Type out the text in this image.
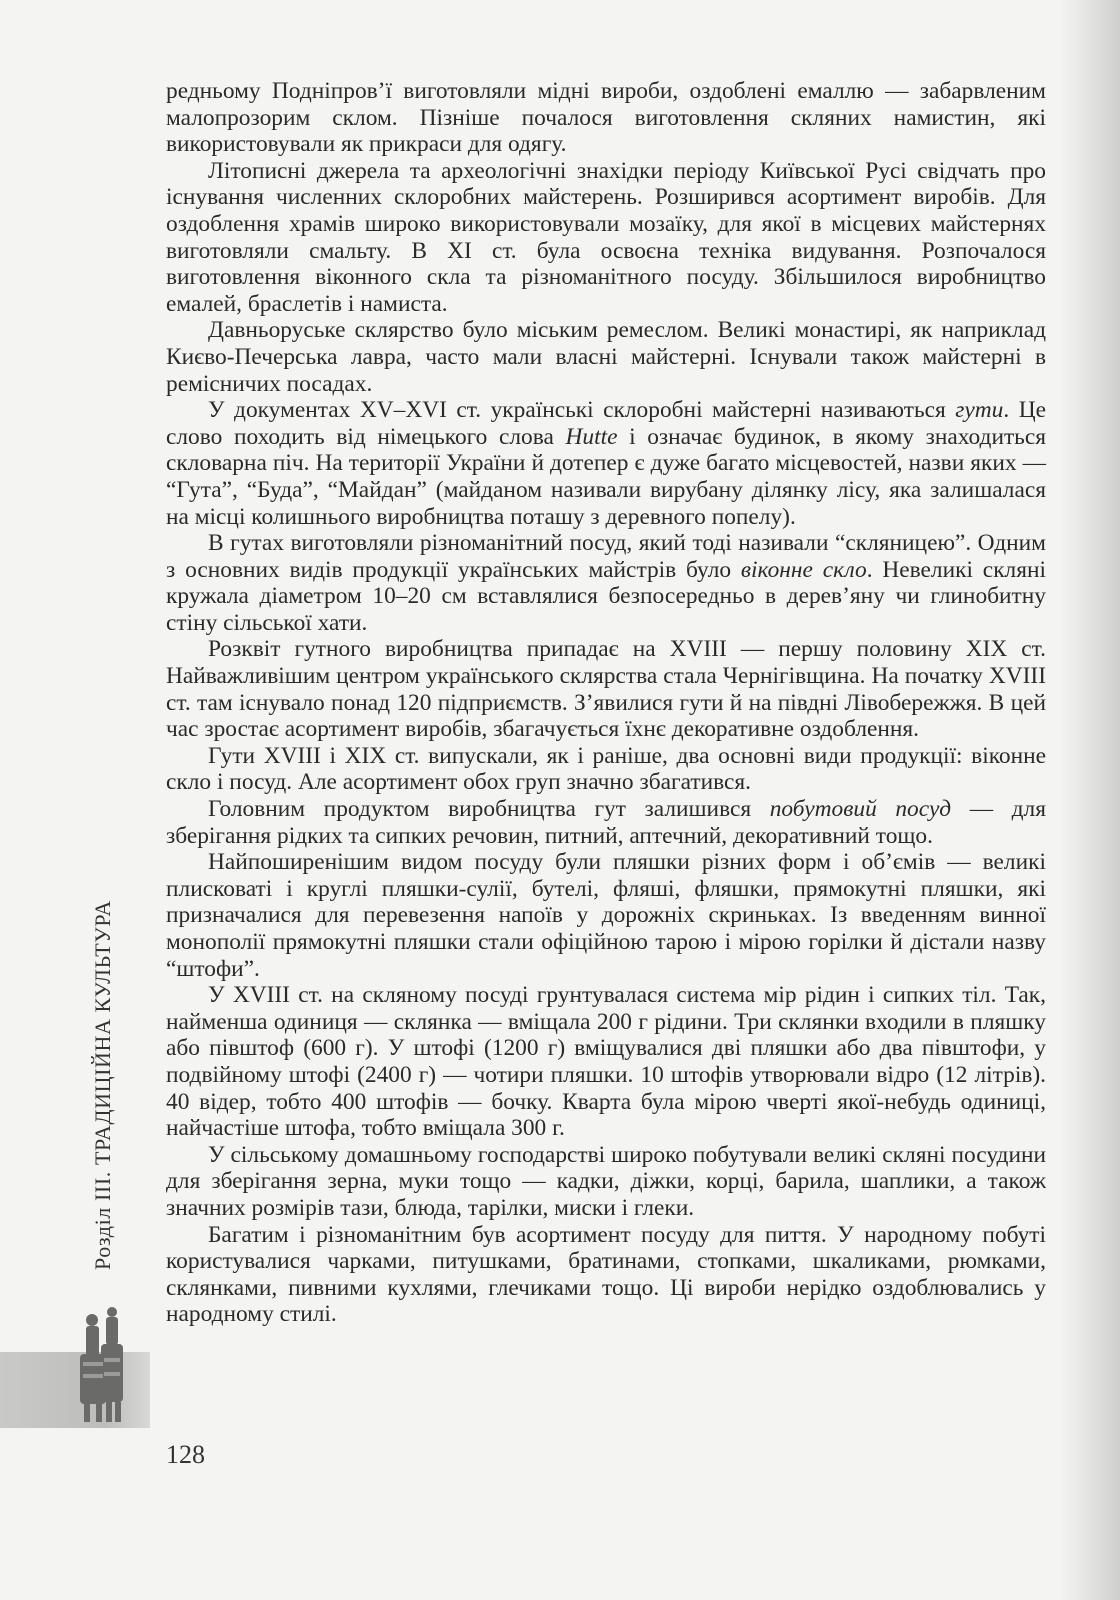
Розділ III. ТРАДИЦІЙНА КУЛЬТУРА

редньому Подніпров’ї виготовляли мідні вироби, оздоблені емаллю — забарвленим малопрозорим склом. Пізніше почалося виготовлення скляних намистин, які використовували як прикраси для одягу.

Літописні джерела та археологічні знахідки періоду Київської Русі свідчать про існування численних склоробних майстерень. Розширився асортимент виробів. Для оздоблення храмів широко використовували мозаїку, для якої в місцевих майстернях виготовляли смальту. В XI ст. була освоєна техніка видування. Розпочалося виготовлення віконного скла та різноманітного посуду. Збільшилося виробництво емалей, браслетів і намиста.

Давньоруське склярство було міським ремеслом. Великі монастирі, як наприклад Києво-Печерська лавра, часто мали власні майстерні. Існували також майстерні в ремісничих посадах.

У документах XV–XVI ст. українські склоробні майстерні називаються гути. Це слово походить від німецького слова Hutte і означає будинок, в якому знаходиться скловарна піч. На території України й дотепер є дуже багато місцевостей, назви яких — “Гута”, “Буда”, “Майдан” (майданом називали вирубану ділянку лісу, яка залишалася на місці колишнього виробництва поташу з деревного попелу).

В гутах виготовляли різноманітний посуд, який тоді називали “скляницею”. Одним з основних видів продукції українських майстрів було віконне скло. Невеликі скляні кружала діаметром 10–20 см вставлялися безпосередньо в дерев’яну чи глинобитну стіну сільської хати.

Розквіт гутного виробництва припадає на XVIII — першу половину XIX ст. Найважливішим центром українського склярства стала Чернігівщина. На початку XVIII ст. там існувало понад 120 підприємств. З’явилися гути й на півдні Лівобережжя. В цей час зростає асортимент виробів, збагачується їхнє декоративне оздоблення.

Гути XVIII і XIX ст. випускали, як і раніше, два основні види продукції: віконне скло і посуд. Але асортимент обох груп значно збагатився.

Головним продуктом виробництва гут залишився побутовий посуд — для зберігання рідких та сипких речовин, питний, аптечний, декоративний тощо.

Найпоширенішим видом посуду були пляшки різних форм і об’ємів — великі плисковаті і круглі пляшки-сулії, бутелі, фляші, фляшки, прямокутні пляшки, які призначалися для перевезення напоїв у дорожніх скриньках. Із введенням винної монополії прямокутні пляшки стали офіційною тарою і мірою горілки й дістали назву “штофи”.

У XVIII ст. на скляному посуді грунтувалася система мір рідин і сипких тіл. Так, найменша одиниця — склянка — вміщала 200 г рідини. Три склянки входили в пляшку або півштоф (600 г). У штофі (1200 г) вміщувалися дві пляшки або два півштофи, у подвійному штофі (2400 г) — чотири пляшки. 10 штофів утворювали відро (12 літрів). 40 відер, тобто 400 штофів — бочку. Кварта була мірою чверті якої-небудь одиниці, найчастіше штофа, тобто вміщала 300 г.

У сільському домашньому господарстві широко побутували великі скляні посудини для зберігання зерна, муки тощо — кадки, діжки, корці, барила, шаплики, а також значних розмірів тази, блюда, тарілки, миски і глеки.

Багатим і різноманітним був асортимент посуду для пиття. У народному побуті користувалися чарками, питушками, братинами, стопками, шкаликами, рюмками, склянками, пивними кухлями, глечиками тощо. Ці вироби нерідко оздоблювались у народному стилі.

128
